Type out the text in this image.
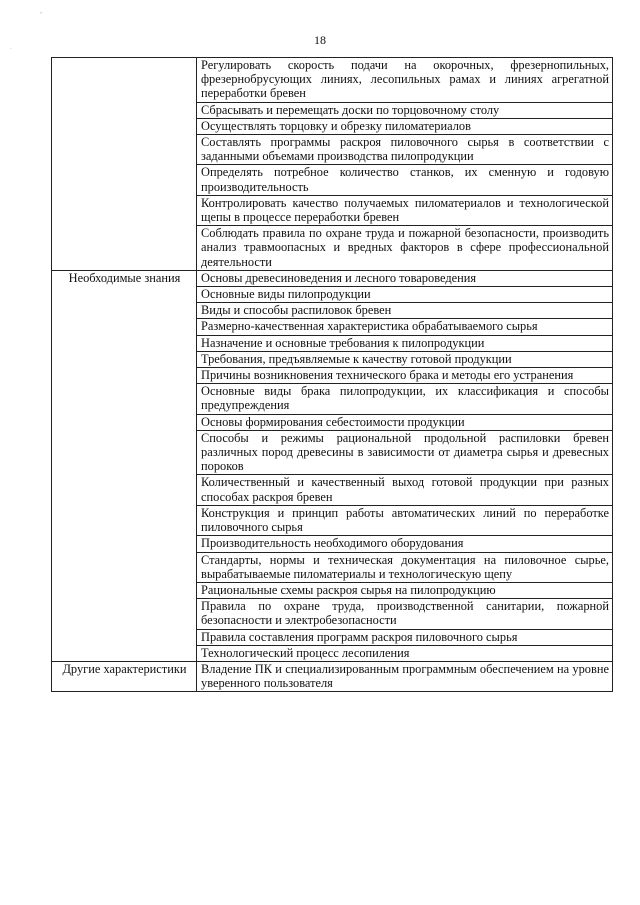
’
·
18
	Регулировать скорость подачи на окорочных, фрезернопильных, фрезернобрусующих линиях, лесопильных рамах и линиях агрегатной переработки бревен
	Сбрасывать и перемещать доски по торцовочному столу
	Осуществлять торцовку и обрезку пиломатериалов
	Составлять программы раскроя пиловочного сырья в соответствии с заданными объемами производства пилопродукции
	Определять потребное количество станков, их сменную и годовую производительность
	Контролировать качество получаемых пиломатериалов и технологической щепы в процессе переработки бревен
	Соблюдать правила по охране труда и пожарной безопасности, производить анализ травмоопасных и вредных факторов в сфере профессиональной деятельности
Необходимые знания	Основы древесиноведения и лесного товароведения
	Основные виды пилопродукции
	Виды и способы распиловок бревен
	Размерно-качественная характеристика обрабатываемого сырья
	Назначение и основные требования к пилопродукции
	Требования, предъявляемые к качеству готовой продукции
	Причины возникновения технического брака и методы его устранения
	Основные виды брака пилопродукции, их классификация и способы предупреждения
	Основы формирования себестоимости продукции
	Способы и режимы рациональной продольной распиловки бревен различных пород древесины в зависимости от диаметра сырья и древесных пороков
	Количественный и качественный выход готовой продукции при разных способах раскроя бревен
	Конструкция и принцип работы автоматических линий по переработке пиловочного сырья
	Производительность необходимого оборудования
	Стандарты, нормы и техническая документация на пиловочное сырье, вырабатываемые пиломатериалы и технологическую щепу
	Рациональные схемы раскроя сырья на пилопродукцию
	Правила по охране труда, производственной санитарии, пожарной безопасности и электробезопасности
	Правила составления программ раскроя пиловочного сырья
	Технологический процесс лесопиления
Другие характеристики	Владение ПК и специализированным программным обеспечением на уровне уверенного пользователя
